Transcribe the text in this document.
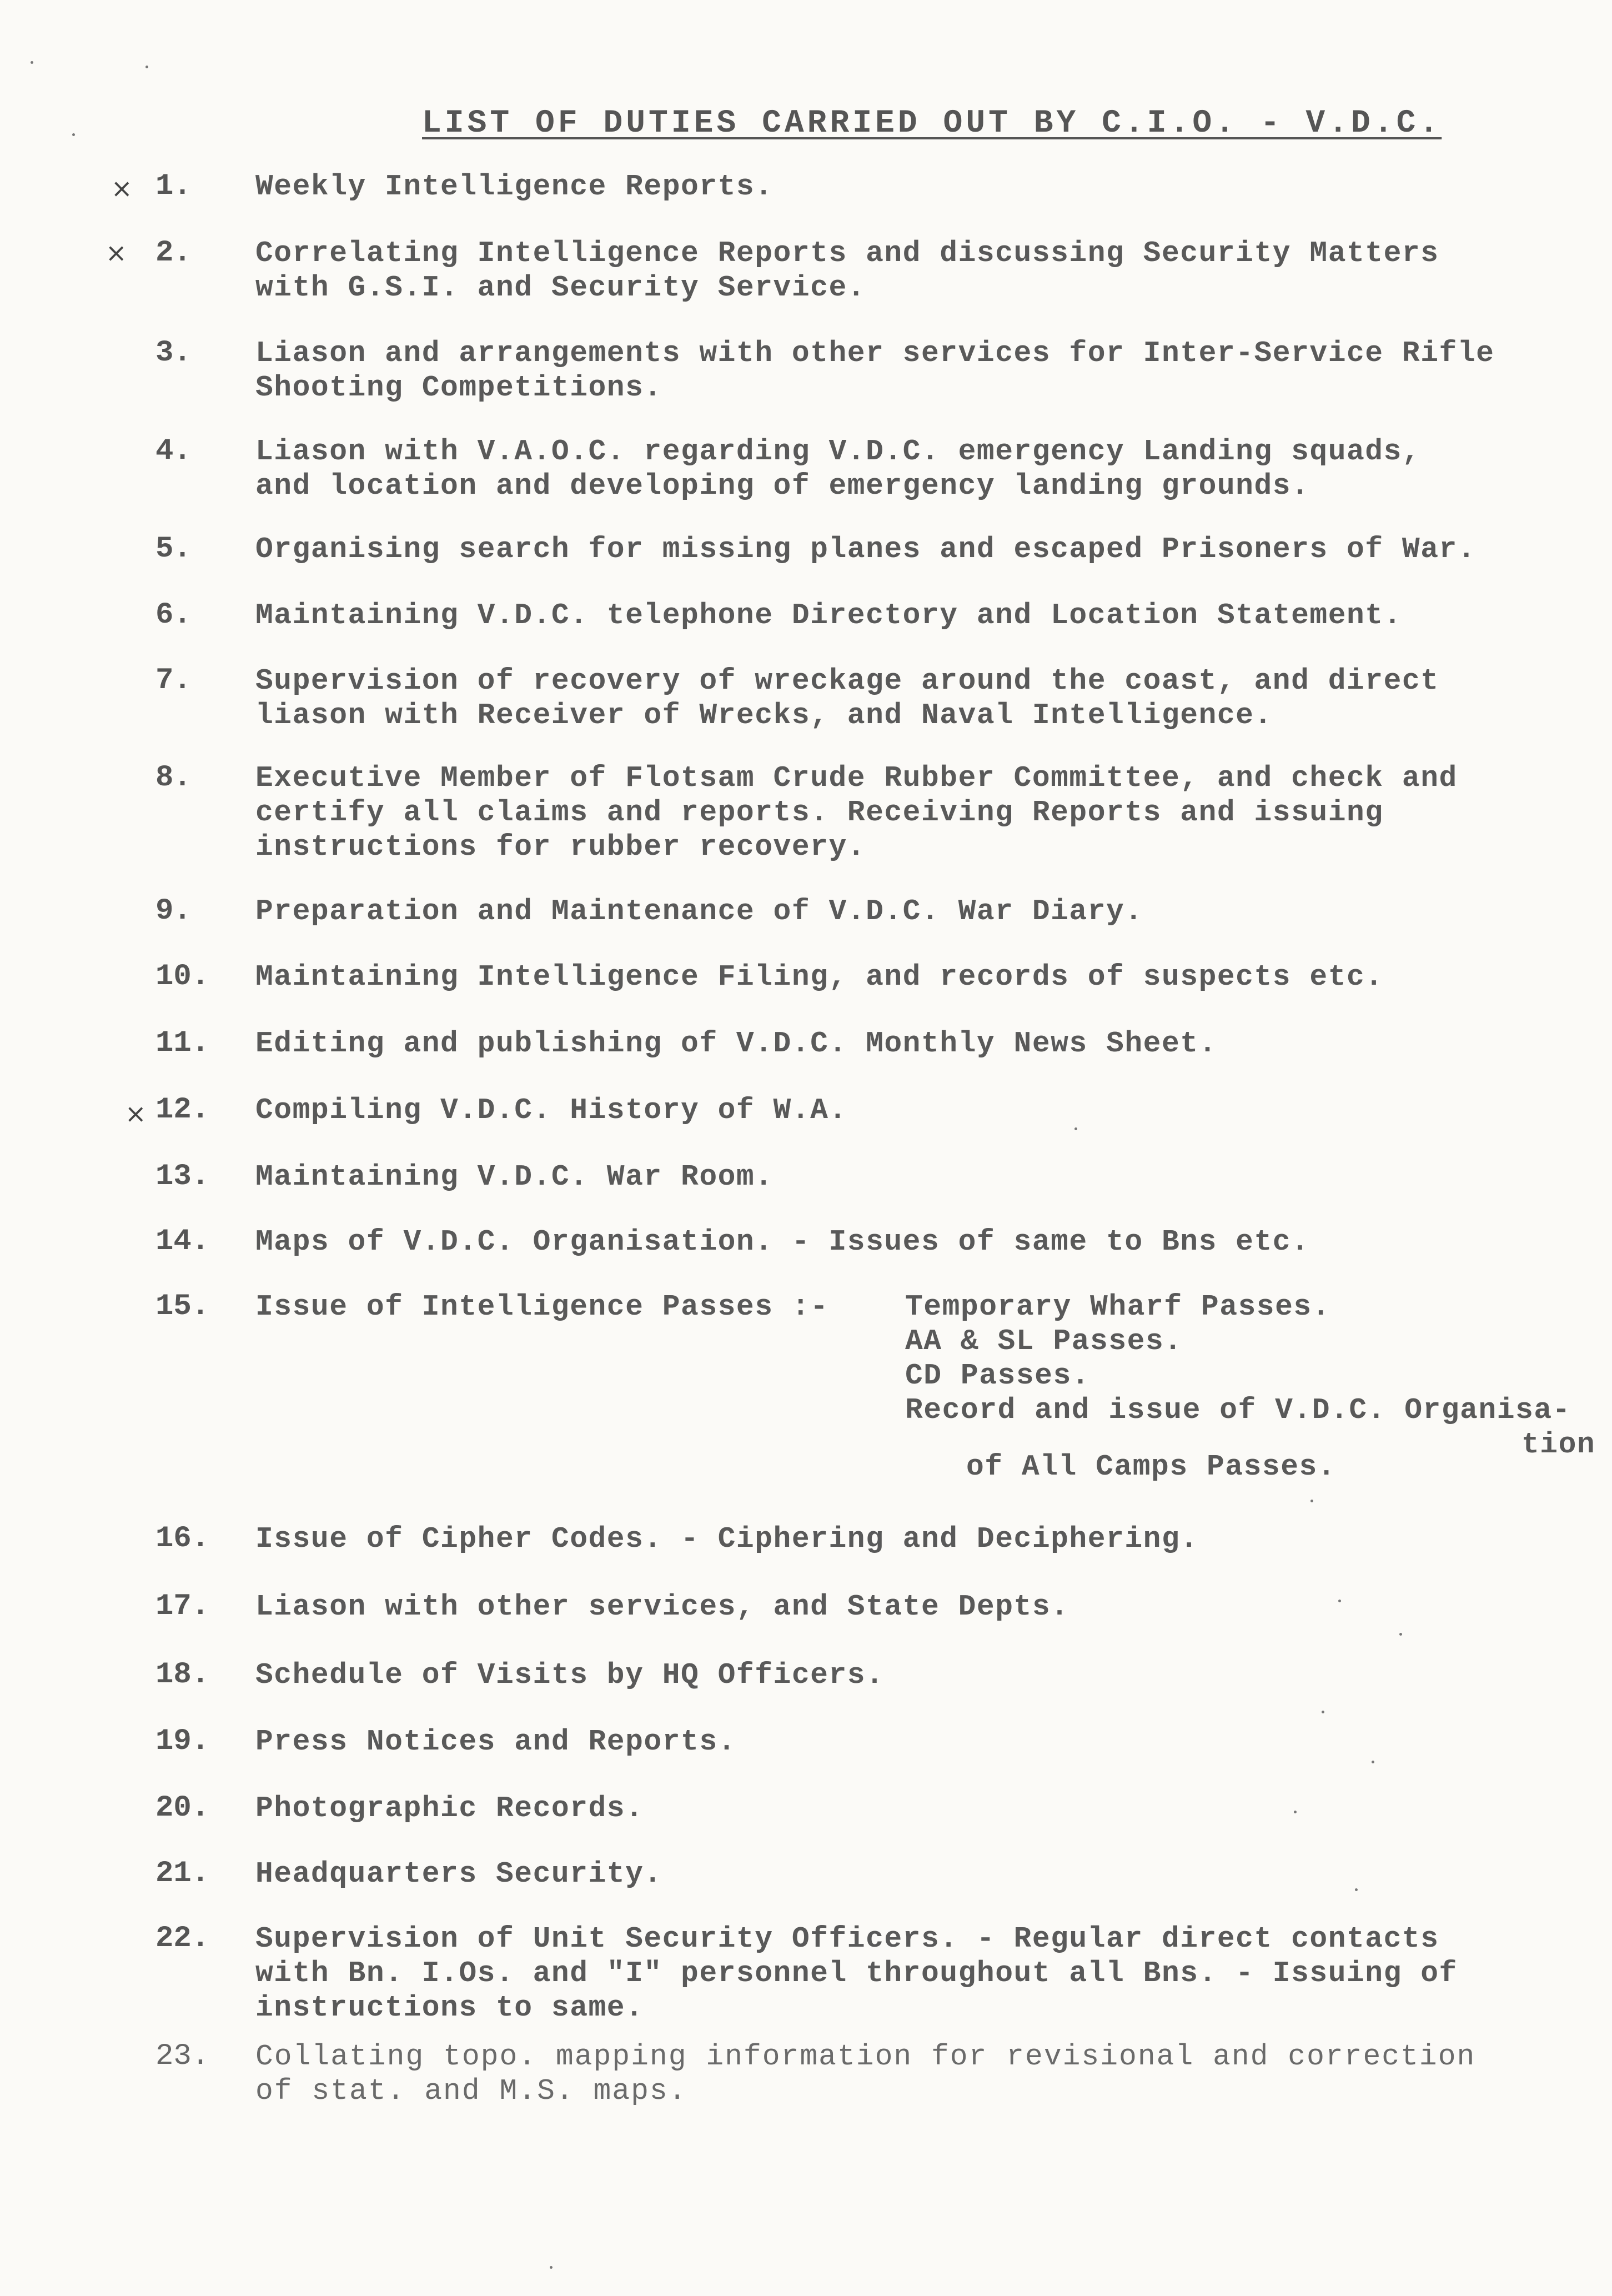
LIST OF DUTIES CARRIED OUT BY C.I.O. - V.D.C.
×
×
×
1.	Weekly Intelligence Reports.
2.	Correlating Intelligence Reports and discussing Security Matters
with G.S.I. and Security Service.
3.	Liason and arrangements with other services for Inter-Service Rifle
Shooting Competitions.
4.	Liason with V.A.O.C. regarding V.D.C. emergency Landing squads,
and location and developing of emergency landing grounds.
5.	Organising search for missing planes and escaped Prisoners of War.
6.	Maintaining V.D.C. telephone Directory and Location Statement.
7.	Supervision of recovery of wreckage around the coast, and direct
liason with Receiver of Wrecks, and Naval Intelligence.
8.	Executive Member of Flotsam Crude Rubber Committee, and check and
certify all claims and reports. Receiving Reports and issuing
instructions for rubber recovery.
9.	Preparation and Maintenance of V.D.C. War Diary.
10.	Maintaining Intelligence Filing, and records of suspects etc.
11.	Editing and publishing of V.D.C. Monthly News Sheet.
12.	Compiling V.D.C. History of W.A.
13.	Maintaining V.D.C. War Room.
14.	Maps of V.D.C. Organisation. - Issues of same to Bns etc.
15.	Issue of Intelligence Passes :-	Temporary Wharf Passes.
AA & SL Passes.
CD Passes.
Record and issue of V.D.C. Organisa-
tion
of All Camps Passes.
16.	Issue of Cipher Codes. - Ciphering and Deciphering.
17.	Liason with other services, and State Depts.
18.	Schedule of Visits by HQ Officers.
19.	Press Notices and Reports.
20.	Photographic Records.
21.	Headquarters Security.
22.	Supervision of Unit Security Officers. - Regular direct contacts
with Bn. I.Os. and "I" personnel throughout all Bns. - Issuing of
instructions to same.
23.	Collating topo. mapping information for revisional and correction
of stat. and M.S. maps.
